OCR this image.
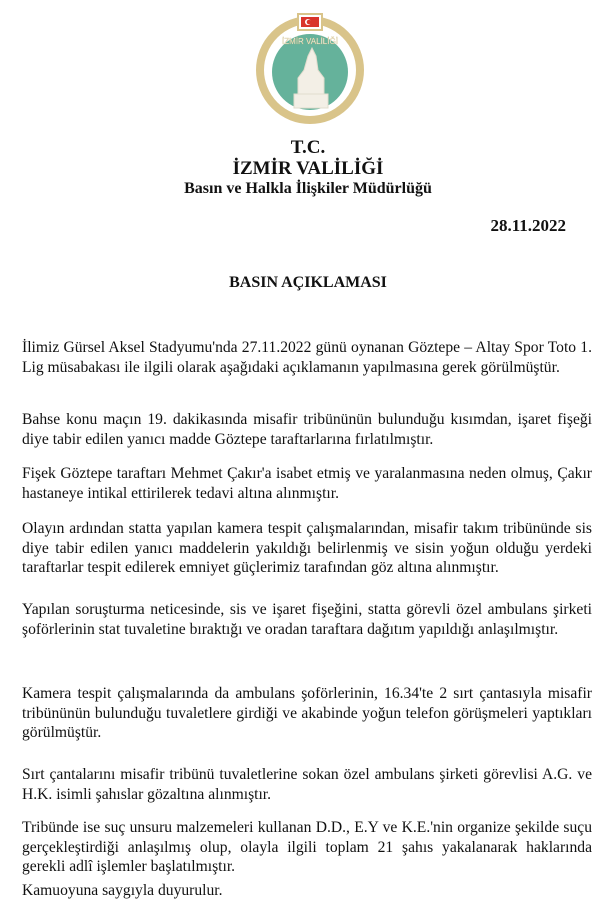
İZMİR VALİLİĞİ
T.C.
İZMİR VALİLİĞİ
Basın ve Halkla İlişkiler Müdürlüğü
28.11.2022
BASIN AÇIKLAMASI

İlimiz Gürsel Aksel Stadyumu'nda 27.11.2022 günü oynanan Göztepe – Altay Spor Toto 1. Lig müsabakası ile ilgili olarak aşağıdaki açıklamanın yapılmasına gerek görülmüştür.

Bahse konu maçın 19. dakikasında misafir tribününün bulunduğu kısımdan, işaret fişeği diye tabir edilen yanıcı madde Göztepe taraftarlarına fırlatılmıştır.

Fişek Göztepe taraftarı Mehmet Çakır'a isabet etmiş ve yaralanmasına neden olmuş, Çakır hastaneye intikal ettirilerek tedavi altına alınmıştır.

Olayın ardından statta yapılan kamera tespit çalışmalarından, misafir takım tribününde sis diye tabir edilen yanıcı maddelerin yakıldığı belirlenmiş ve sisin yoğun olduğu yerdeki taraftarlar tespit edilerek emniyet güçlerimiz tarafından göz altına alınmıştır.

Yapılan soruşturma neticesinde, sis ve işaret fişeğini, statta görevli özel ambulans şirketi şoförlerinin stat tuvaletine bıraktığı ve oradan taraftara dağıtım yapıldığı anlaşılmıştır.

Kamera tespit çalışmalarında da ambulans şoförlerinin, 16.34'te 2 sırt çantasıyla misafir tribününün bulunduğu tuvaletlere girdiği ve akabinde yoğun telefon görüşmeleri yaptıkları görülmüştür.

Sırt çantalarını misafir tribünü tuvaletlerine sokan özel ambulans şirketi görevlisi A.G. ve H.K. isimli şahıslar gözaltına alınmıştır.

Tribünde ise suç unsuru malzemeleri kullanan D.D., E.Y ve K.E.'nin organize şekilde suçu gerçekleştirdiği anlaşılmış olup, olayla ilgili toplam 21 şahıs yakalanarak haklarında gerekli adlî işlemler başlatılmıştır.

Kamuoyuna saygıyla duyurulur.
